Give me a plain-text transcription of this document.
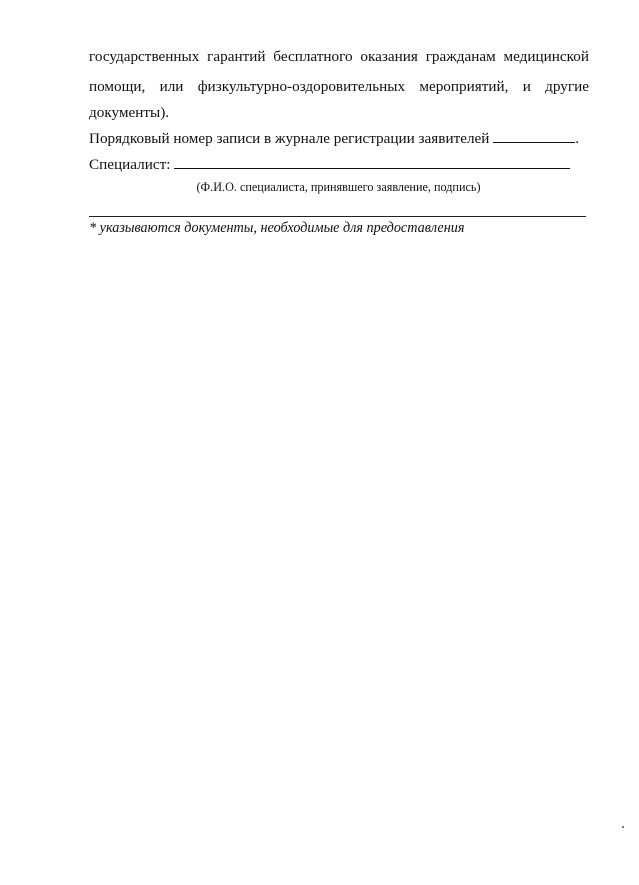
государственных гарантий бесплатного оказания гражданам медицинской

помощи, или физкультурно-оздоровительных мероприятий, и другие

документы).

Порядковый номер записи в журнале регистрации заявителей	.

Специалист:

(Ф.И.О. специалиста, принявшего заявление, подпись)
* указываются документы, необходимые для предоставления
